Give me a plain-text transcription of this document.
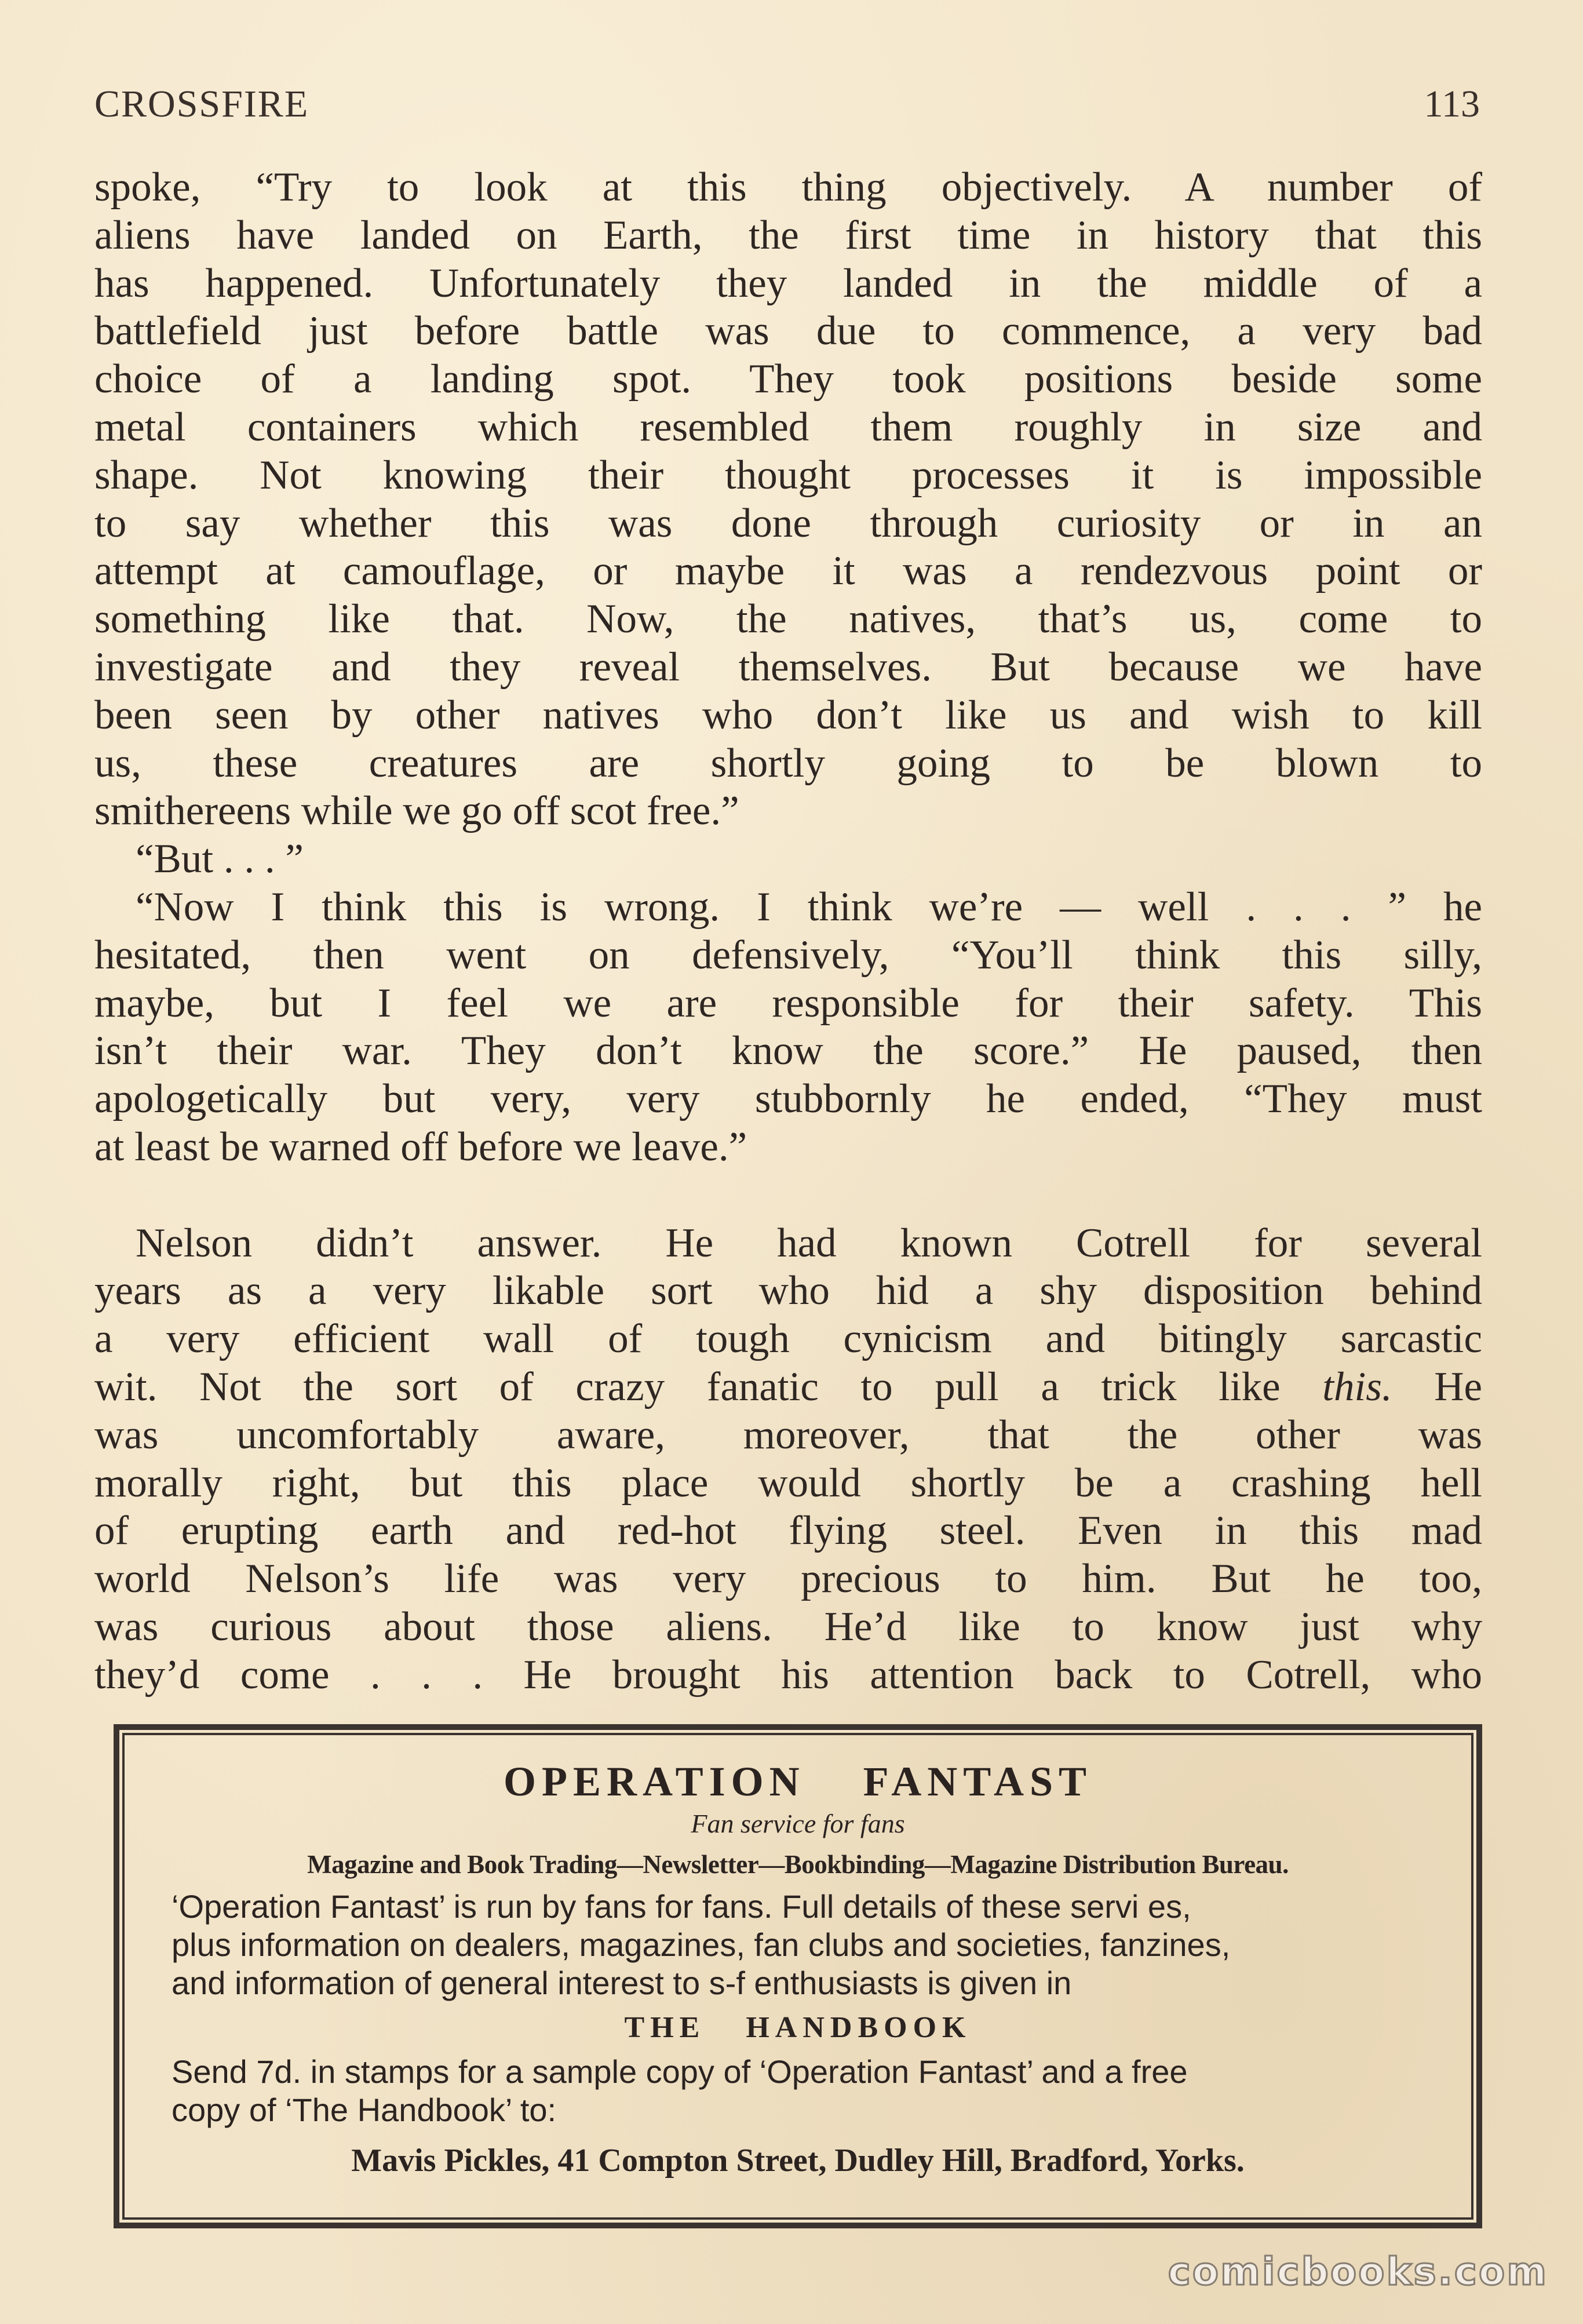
CROSSFIRE	113
spoke, “Try to look at this thing objectively. A number of
aliens have landed on Earth, the first time in history that this
has happened. Unfortunately they landed in the middle of a
battlefield just before battle was due to commence, a very bad
choice of a landing spot. They took positions beside some
metal containers which resembled them roughly in size and
shape. Not knowing their thought processes it is impossible
to say whether this was done through curiosity or in an
attempt at camouflage, or maybe it was a rendezvous point or
something like that. Now, the natives, that’s us, come to
investigate and they reveal themselves. But because we have
been seen by other natives who don’t like us and wish to kill
us, these creatures are shortly going to be blown to
smithereens while we go off scot free.”
“But . . . ”
“Now I think this is wrong. I think we’re — well . . . ” he
hesitated, then went on defensively, “You’ll think this silly,
maybe, but I feel we are responsible for their safety. This
isn’t their war. They don’t know the score.” He paused, then
apologetically but very, very stubbornly he ended, “They must
at least be warned off before we leave.”
Nelson didn’t answer. He had known Cotrell for several
years as a very likable sort who hid a shy disposition behind
a very efficient wall of tough cynicism and bitingly sarcastic
wit. Not the sort of crazy fanatic to pull a trick like this. He
was uncomfortably aware, moreover, that the other was
morally right, but this place would shortly be a crashing hell
of erupting earth and red-hot flying steel. Even in this mad
world Nelson’s life was very precious to him. But he too,
was curious about those aliens. He’d like to know just why
they’d come . . . He brought his attention back to Cotrell, who
OPERATION FANTAST
Fan service for fans
Magazine and Book Trading—Newsletter—Bookbinding—Magazine Distribution Bureau.
‘Operation Fantast’ is run by fans for fans. Full details of these servi es,
plus information on dealers, magazines, fan clubs and societies, fanzines,
and information of general interest to s-f enthusiasts is given in
THE HANDBOOK
Send 7d. in stamps for a sample copy of ‘Operation Fantast’ and a free
copy of ‘The Handbook’ to:
Mavis Pickles, 41 Compton Street, Dudley Hill, Bradford, Yorks.
comicbooks.com
